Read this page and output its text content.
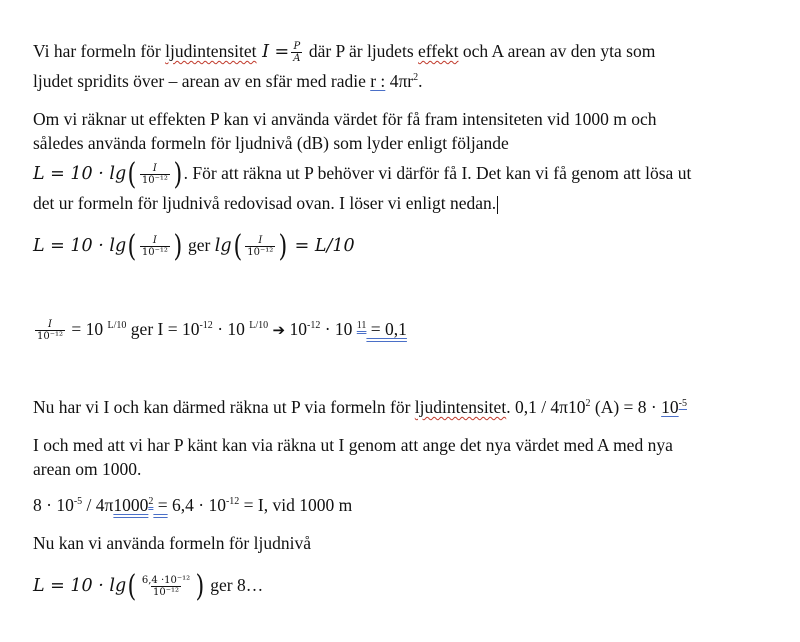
Vi har formeln för ljudintensitet $I = \frac{P}{A}$ där P är ljudets effekt och A arean av den yta som
ljudet spridits över – arean av en sfär med radie r : $4\pi r^2$.
Om vi räknar ut effekten P kan vi använda värdet för få fram intensiteten vid 1000 m och
således använda formeln för ljudnivå (dB) som lyder enligt följande
$L = 10 \cdot \lg( \frac{I}{\text{10⁻¹²}}$ ). För att räkna ut P behöver vi därför få I. Det kan vi få genom att lösa ut
det ur formeln för ljudnivå redovisad ovan. I löser vi enligt nedan.
$L = 10 \cdot \lg( \frac{I}{\text{10⁻¹²}}$ ) ger $\lg( \frac{I}{\text{10⁻¹²}}$ ) = L/10
$\frac{I}{\text{10⁻¹²}} = 10$ $^{L/10}$ ger $I = 10^{-12} \cdot 10$ $^{L/10}$ ➔ $10^{-12} \cdot 10$ $^{11}$ = 0,1
Nu har vi I och kan därmed räkna ut P via formeln för ljudintensitet. $0,1 / 4\pi 10^2$ $(A) = 8 \cdot 10^{-5}$
I och med att vi har P känt kan via räkna ut I genom att ange det nya värdet med A med nya
arean om 1000.
$8 \cdot 10^{-5} / 4\pi 1000^2 = 6,4 \cdot 10^{-12} = I$, vid 1000 m
Nu kan vi använda formeln för ljudnivå
$L = 10 \cdot \lg( \frac{\text{6,4 ·10⁻¹²}}{\text{10⁻¹²}}$ ) ger 8…
